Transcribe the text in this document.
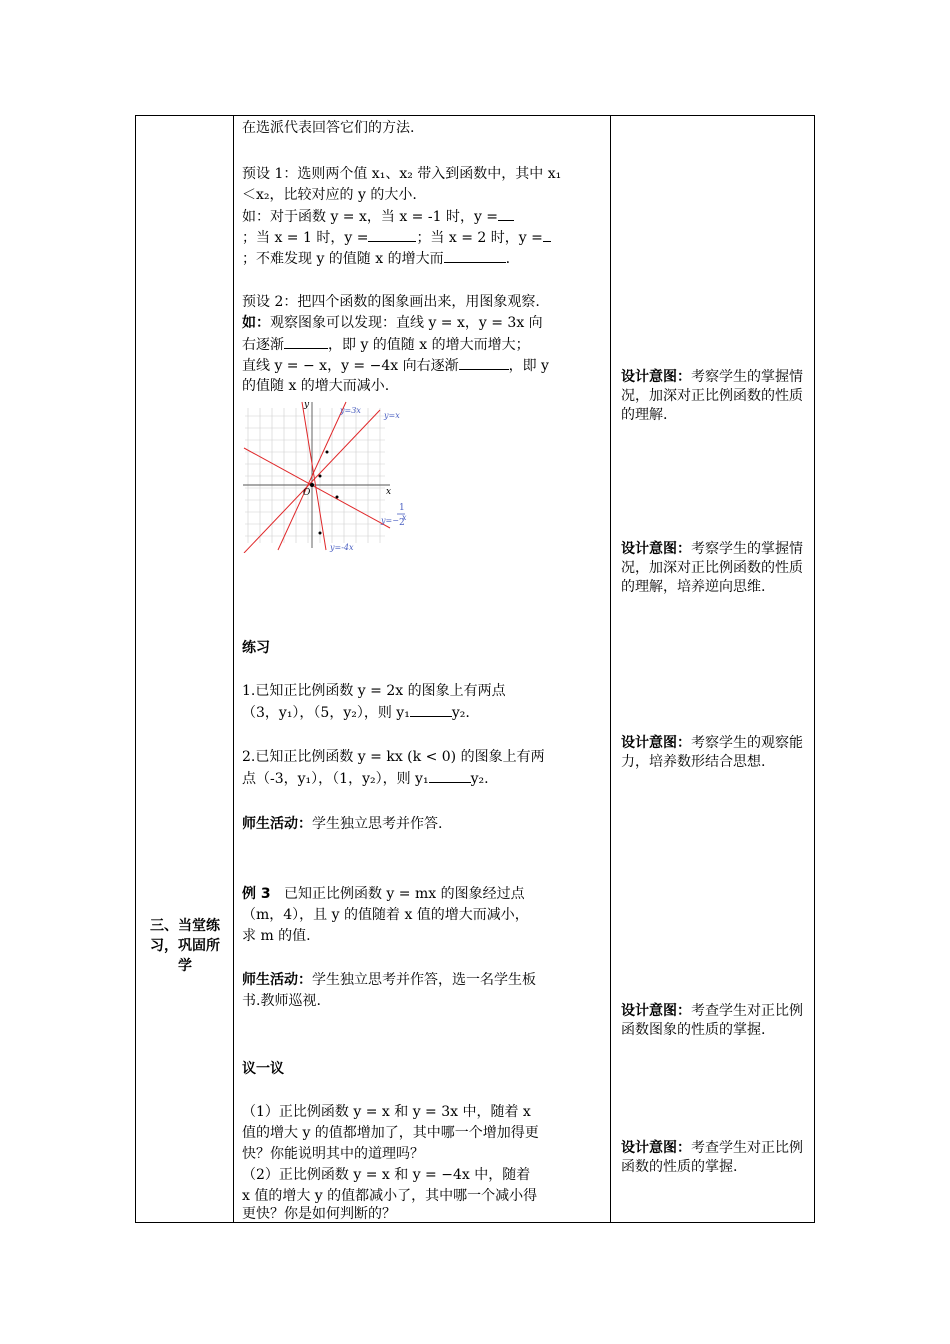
三、当堂练习，巩固所学
在选派代表回答它们的方法.
预设 1：选则两个值 x₁、x₂ 带入到函数中，其中 x₁
＜x₂，比较对应的 y 的大小.
如：对于函数 y = x，当 x = -1 时，y =
；当 x = 1 时，y =	；当 x = 2 时，y =
；不难发现 y 的值随 x 的增大而	.
预设 2：把四个函数的图象画出来，用图象观察.
如：观察图象可以发现：直线 y = x，y = 3x 向
右逐渐	，即 y 的值随 x 的增大而增大；
直线 y = − x，y = −4x 向右逐渐	，即 y
的值随 x 的增大而减小.
y=3x
y=x
y=−
1
2
x
y=-4x
x
y
O
练习
1.已知正比例函数 y = 2x 的图象上有两点
（3，y₁），（5，y₂），则 y₁	y₂.
2.已知正比例函数 y = kx (k < 0) 的图象上有两
点（-3，y₁），（1，y₂），则 y₁	y₂.
师生活动：学生独立思考并作答.
例 3 已知正比例函数 y = mx 的图象经过点
（m，4），且 y 的值随着 x 值的增大而减小，
求 m 的值.
师生活动：学生独立思考并作答，选一名学生板
书.教师巡视.
议一议
（1）正比例函数 y = x 和 y = 3x 中，随着 x
值的增大 y 的值都增加了，其中哪一个增加得更
快？你能说明其中的道理吗？
（2）正比例函数 y = x 和 y = −4x 中，随着
x 值的增大 y 的值都减小了，其中哪一个减小得
更快？你是如何判断的？
设计意图：考察学生的掌握情况，加深对正比例函数的性质的理解.
设计意图：考察学生的掌握情况，加深对正比例函数的性质的理解，培养逆向思维.
设计意图：考察学生的观察能力，培养数形结合思想.
设计意图：考查学生对正比例函数图象的性质的掌握.
设计意图：考查学生对正比例函数的性质的掌握.
